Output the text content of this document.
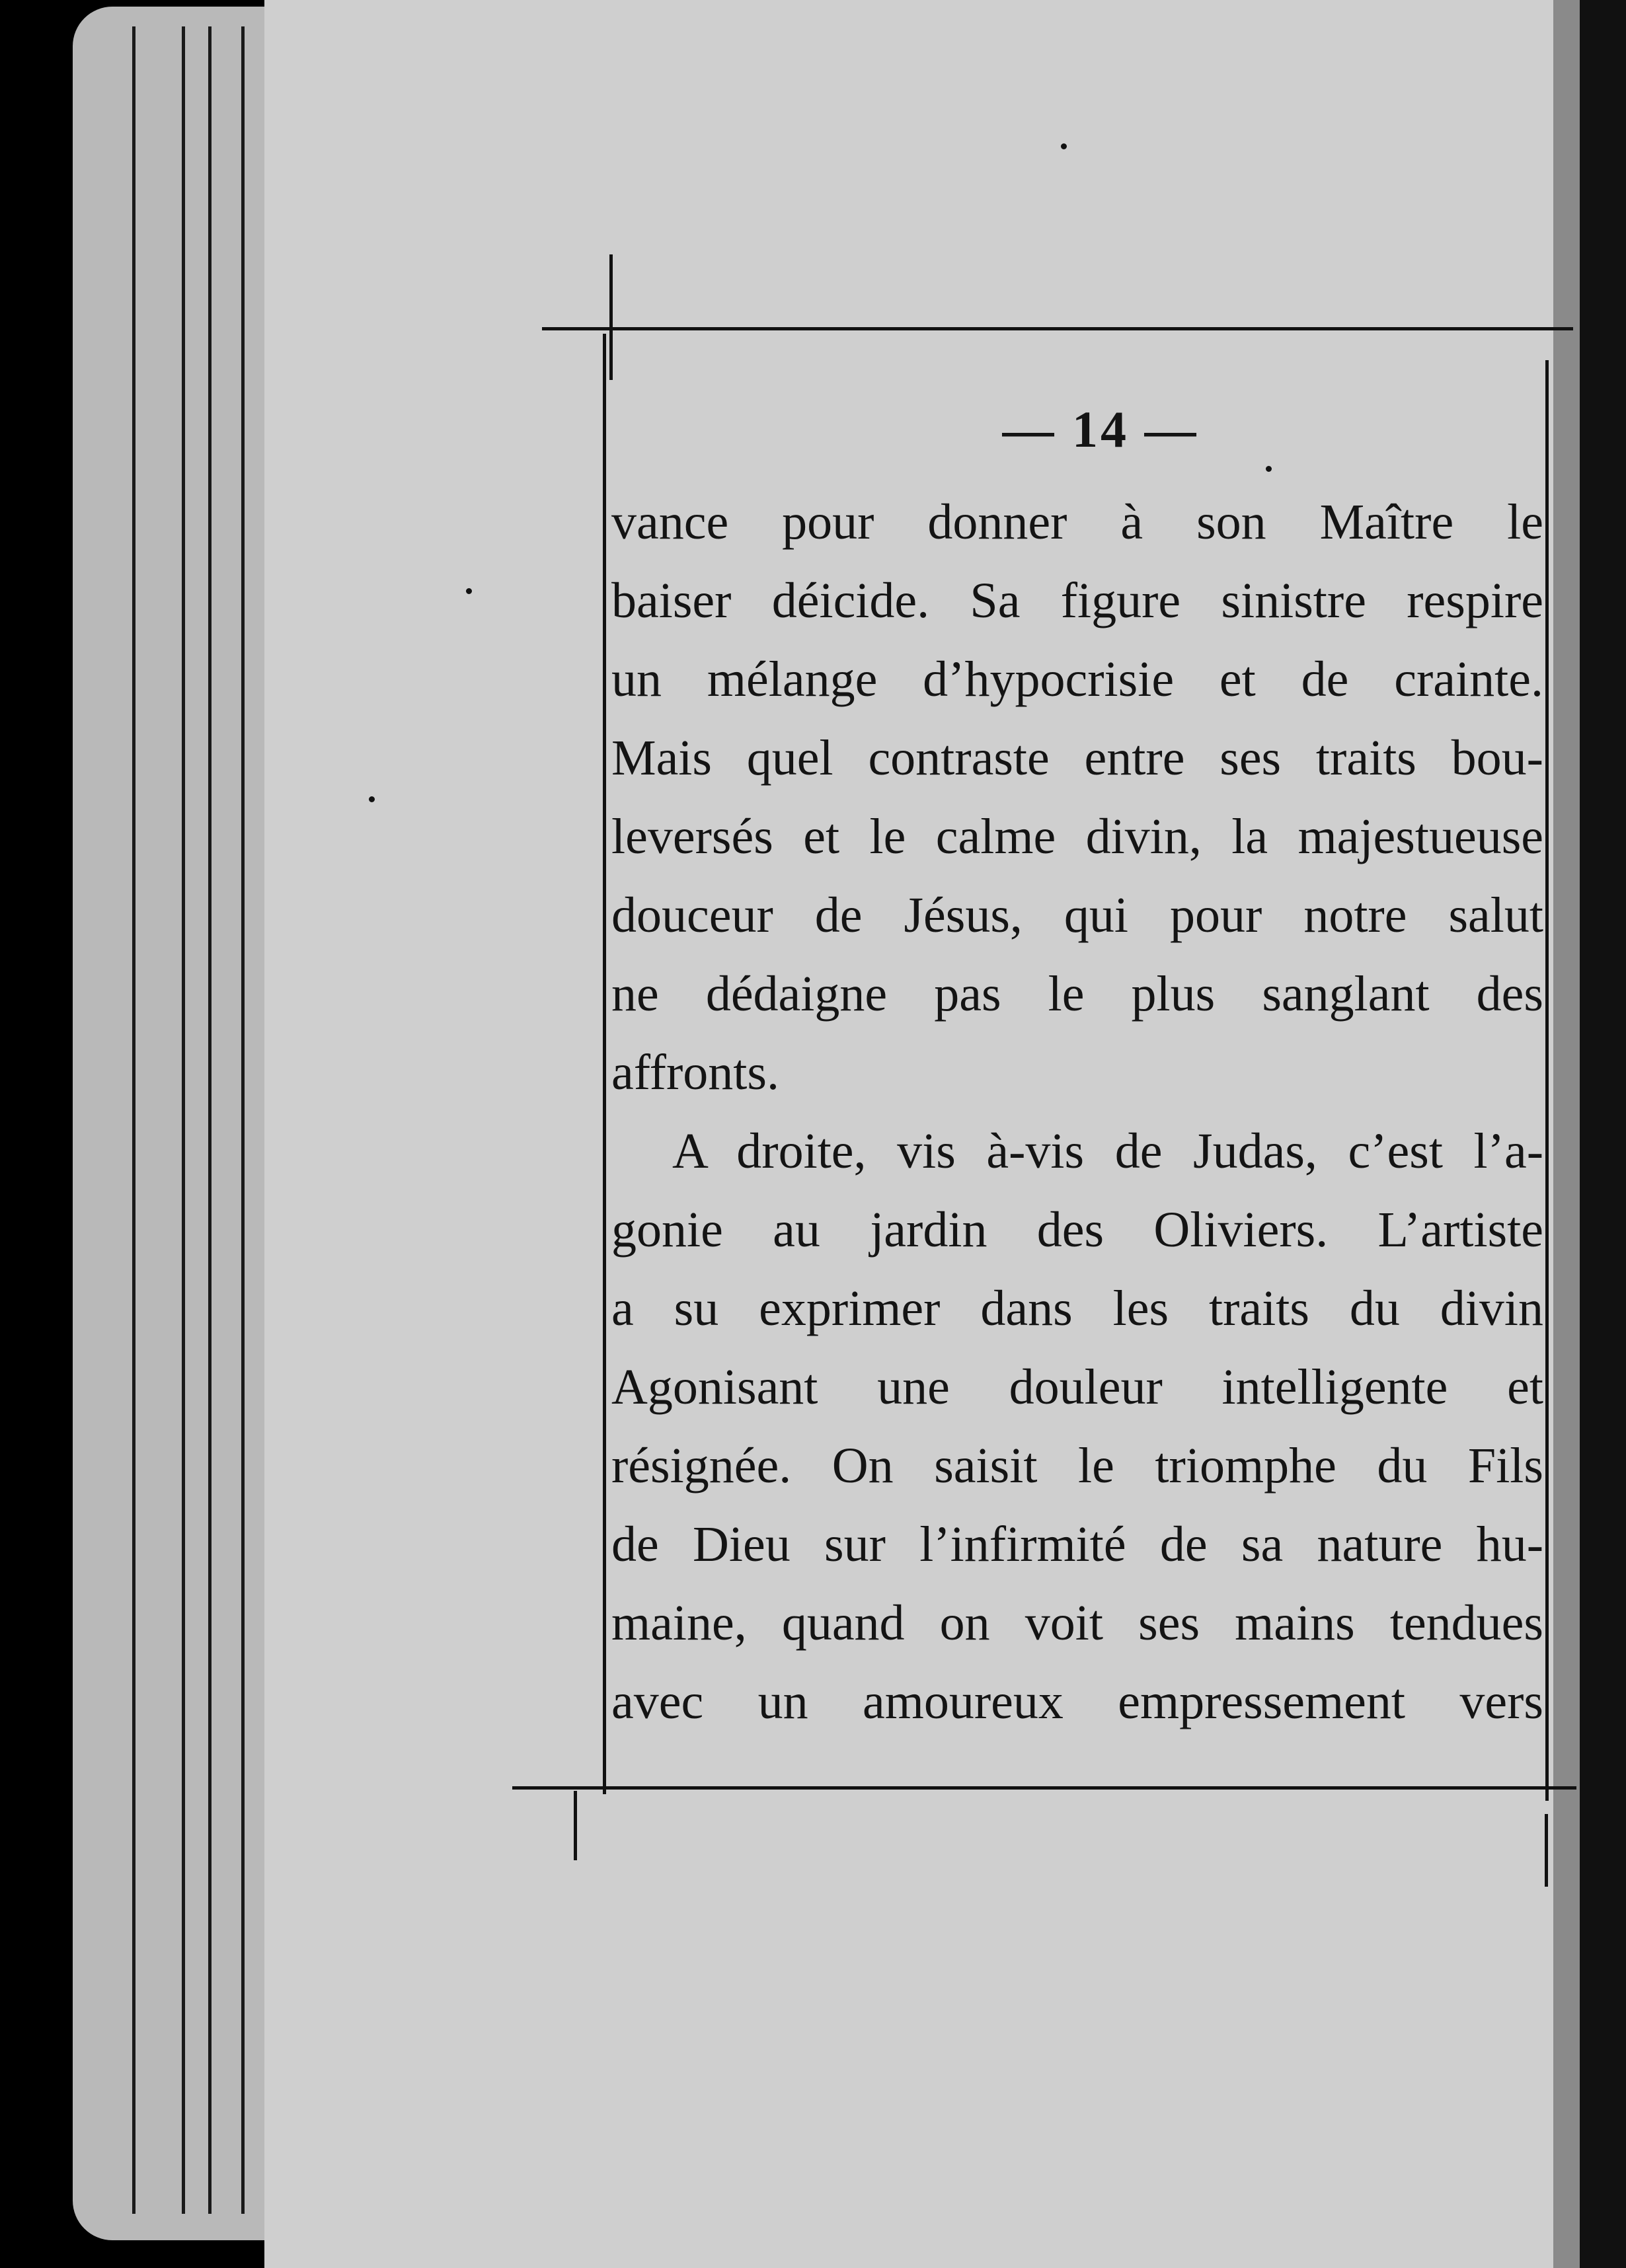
— 14 —
vance pour donner à son Maître le
baiser déicide. Sa figure sinistre respire
un mélange d’hypocrisie et de crainte.
Mais quel contraste entre ses traits bou-
leversés et le calme divin, la majestueuse
douceur de Jésus, qui pour notre salut
ne dédaigne pas le plus sanglant des
affronts.
A droite, vis à-vis de Judas, c’est l’a-
gonie au jardin des Oliviers. L’artiste
a su exprimer dans les traits du divin
Agonisant une douleur intelligente et
résignée. On saisit le triomphe du Fils
de Dieu sur l’infirmité de sa nature hu-
maine, quand on voit ses mains tendues
avec un amoureux empressement vers
